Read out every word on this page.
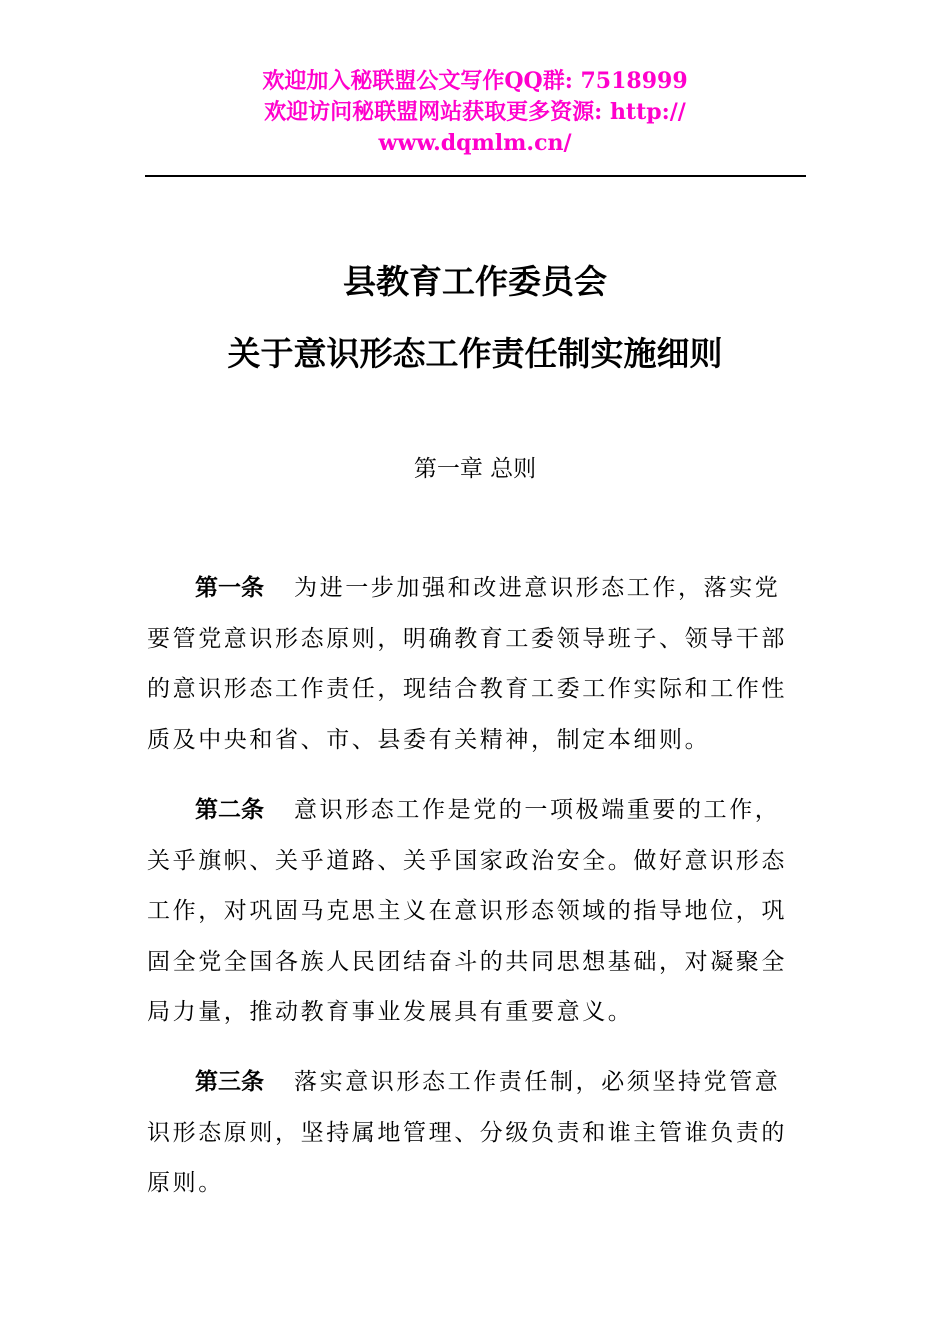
欢迎加入秘联盟公文写作QQ群: 7518999
欢迎访问秘联盟网站获取更多资源: http://
www.dqmlm.cn/
县教育工作委员会
关于意识形态工作责任制实施细则
第一章 总则
第一条 为进一步加强和改进意识形态工作，落实党
要管党意识形态原则，明确教育工委领导班子、领导干部
的意识形态工作责任，现结合教育工委工作实际和工作性
质及中央和省、市、县委有关精神，制定本细则。
第二条 意识形态工作是党的一项极端重要的工作，
关乎旗帜、关乎道路、关乎国家政治安全。做好意识形态
工作，对巩固马克思主义在意识形态领域的指导地位，巩
固全党全国各族人民团结奋斗的共同思想基础，对凝聚全
局力量，推动教育事业发展具有重要意义。
第三条 落实意识形态工作责任制，必须坚持党管意
识形态原则，坚持属地管理、分级负责和谁主管谁负责的
原则。
